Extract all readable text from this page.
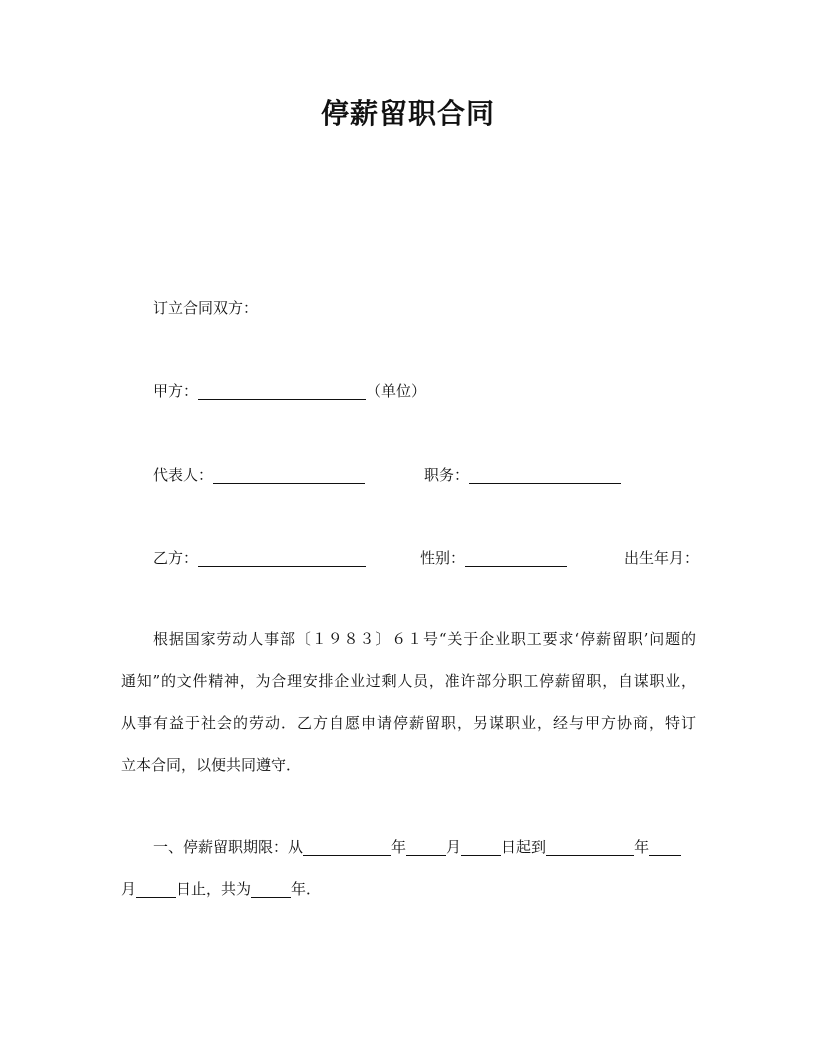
停薪留职合同
订立合同双方：
甲方：	（单位）
代表人：	职务：
乙方：	性别：	出生年月：
根据国家劳动人事部〔１９８３〕６１号“关于企业职工要求‘停薪留职’问题的
通知”的文件精神，为合理安排企业过剩人员，准许部分职工停薪留职，自谋职业，
从事有益于社会的劳动．乙方自愿申请停薪留职，另谋职业，经与甲方协商，特订
立本合同，以便共同遵守．
一、停薪留职期限：从	年	月	日起到	年
月	日止，共为	年．
